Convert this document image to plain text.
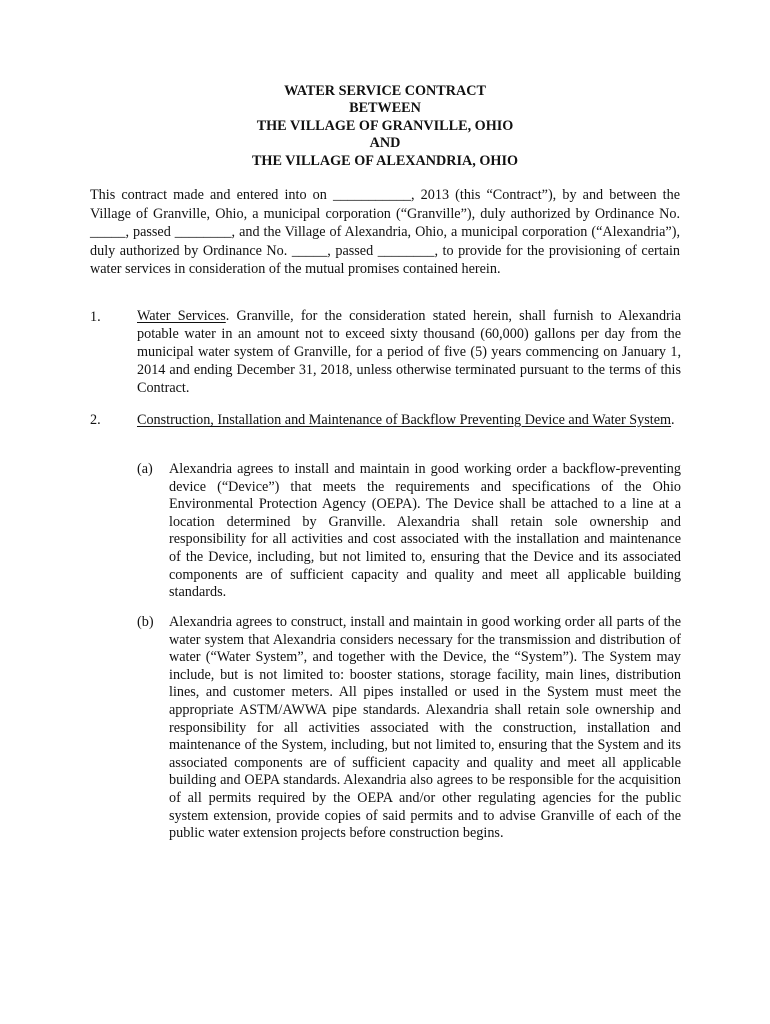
WATER SERVICE CONTRACT
BETWEEN
THE VILLAGE OF GRANVILLE, OHIO
AND
THE VILLAGE OF ALEXANDRIA, OHIO

This contract made and entered into on ___________, 2013 (this “Contract”), by and between the Village of Granville, Ohio, a municipal corporation (“Granville”), duly authorized by Ordinance No. _____, passed ________, and the Village of Alexandria, Ohio, a municipal corporation (“Alexandria”), duly authorized by Ordinance No. _____, passed ________, to provide for the provisioning of certain water services in consideration of the mutual promises contained herein.

1.	Water Services. Granville, for the consideration stated herein, shall furnish to Alexandria potable water in an amount not to exceed sixty thousand (60,000) gallons per day from the municipal water system of Granville, for a period of five (5) years commencing on January 1, 2014 and ending December 31, 2018, unless otherwise terminated pursuant to the terms of this Contract.
2.	Construction, Installation and Maintenance of Backflow Preventing Device and Water System.
(a) Alexandria agrees to install and maintain in good working order a backflow-preventing device (“Device”) that meets the requirements and specifications of the Ohio Environmental Protection Agency (OEPA). The Device shall be attached to a line at a location determined by Granville. Alexandria shall retain sole ownership and responsibility for all activities and cost associated with the installation and maintenance of the Device, including, but not limited to, ensuring that the Device and its associated components are of sufficient capacity and quality and meet all applicable building standards.
(b) Alexandria agrees to construct, install and maintain in good working order all parts of the water system that Alexandria considers necessary for the transmission and distribution of water (“Water System”, and together with the Device, the “System”). The System may include, but is not limited to: booster stations, storage facility, main lines, distribution lines, and customer meters. All pipes installed or used in the System must meet the appropriate ASTM/AWWA pipe standards. Alexandria shall retain sole ownership and responsibility for all activities associated with the construction, installation and maintenance of the System, including, but not limited to, ensuring that the System and its associated components are of sufficient capacity and quality and meet all applicable building and OEPA standards. Alexandria also agrees to be responsible for the acquisition of all permits required by the OEPA and/or other regulating agencies for the public system extension, provide copies of said permits and to advise Granville of each of the public water extension projects before construction begins.
